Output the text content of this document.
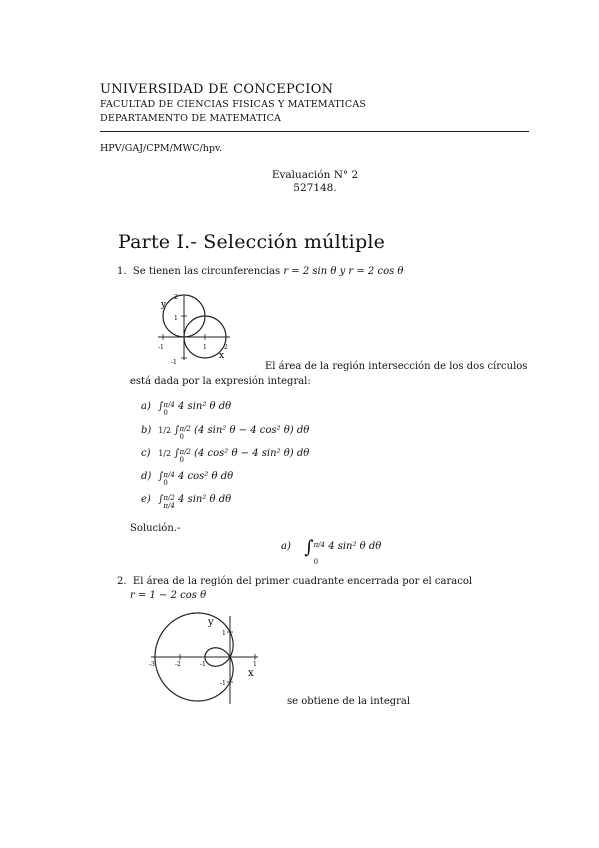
UNIVERSIDAD DE CONCEPCION
FACULTAD DE CIENCIAS FISICAS Y MATEMATICAS
DEPARTAMENTO DE MATEMATICA
HPV/GAJ/CPM/MWC/hpv.
Evaluación N° 2
527148.
Parte I.- Selección múltiple
1. Se tienen las circunferencias r = 2 sin θ y r = 2 cos θ
y
x
2
1
-1
-1	1	2
El área de la región intersección de los dos círculos
está dada por la expresión integral:
a) ∫ π/4
0
4 sin² θ dθ
b) 1/2 ∫ π/2
0
(4 sin² θ − 4 cos² θ) dθ
c) 1/2 ∫ π/2
0
(4 cos² θ − 4 sin² θ) dθ
d) ∫ π/4
0
4 cos² θ dθ
e) ∫ π/2
π/4
4 sin² θ dθ
Solución.-
a) ∫ π/4
0
4 sin² θ dθ
2. El área de la región del primer cuadrante encerrada por el caracol
r = 1 − 2 cos θ
y
x
-3	-2	-1	1
1
-1
se obtiene de la integral
